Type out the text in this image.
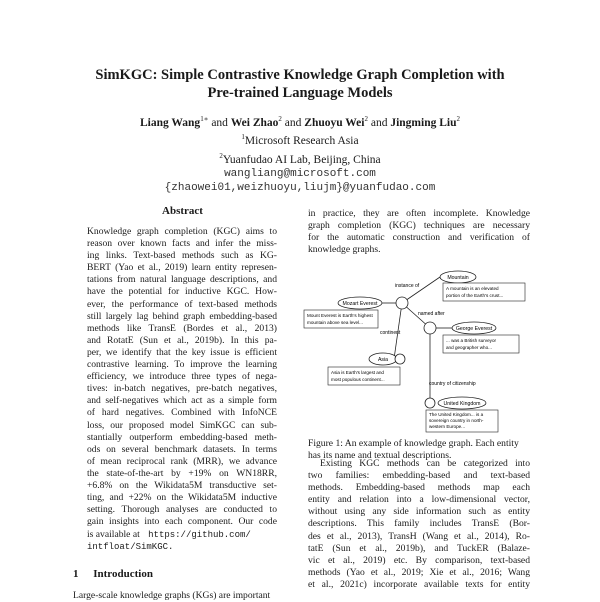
SimKGC: Simple Contrastive Knowledge Graph Completion with
Pre-trained Language Models
Liang Wang$^{1∗}$ and Wei Zhao$^2$ and Zhuoyu Wei$^2$ and Jingming Liu$^2$
$^1$Microsoft Research Asia
$^2$Yuanfudao AI Lab, Beijing, China
wangliang@microsoft.com
{zhaowei01,weizhuoyu,liujm}@yuanfudao.com
Abstract
Knowledge graph completion (KGC) aims to
reason over known facts and infer the miss-
ing links. Text-based methods such as KG-
BERT (Yao et al., 2019) learn entity represen-
tations from natural language descriptions, and
have the potential for inductive KGC. How-
ever, the performance of text-based methods
still largely lag behind graph embedding-based
methods like TransE (Bordes et al., 2013)
and RotatE (Sun et al., 2019b). In this pa-
per, we identify that the key issue is efficient
contrastive learning. To improve the learning
efficiency, we introduce three types of nega-
tives: in-batch negatives, pre-batch negatives,
and self-negatives which act as a simple form
of hard negatives. Combined with InfoNCE
loss, our proposed model SimKGC can sub-
stantially outperform embedding-based meth-
ods on several benchmark datasets. In terms
of mean reciprocal rank (MRR), we advance
the state-of-the-art by +19% on WN18RR,
+6.8% on the Wikidata5M transductive set-
ting, and +22% on the Wikidata5M inductive
setting. Thorough analyses are conducted to
gain insights into each component. Our code
is available at https://github.com/
intfloat/SimKGC.
1 Introduction
Large-scale knowledge graphs (KGs) are important
in practice, they are often incomplete. Knowledge
graph completion (KGC) techniques are necessary
for the automatic construction and verification of
knowledge graphs.
instance of
named after
continent
country of citizenship
Mountain
A mountain is an elevated
portion of the Earth's crust...
Mozart Everest
Mount Everest is Earth's highest
mountain above sea level...
George Everest
... was a British surveyor
and geographer who...
Asia
Asia is Earth's largest and
most populous continent...
United Kingdom
The United Kingdom... is a
sovereign country in north-
western Europe...
Figure 1: An example of knowledge graph. Each entity
has its name and textual descriptions.
Existing KGC methods can be categorized into
two families: embedding-based and text-based
methods. Embedding-based methods map each
entity and relation into a low-dimensional vector,
without using any side information such as entity
descriptions. This family includes TransE (Bor-
des et al., 2013), TransH (Wang et al., 2014), Ro-
tatE (Sun et al., 2019b), and TuckER (Balaze-
vic et al., 2019) etc. By comparison, text-based
methods (Yao et al., 2019; Xie et al., 2016; Wang
et al., 2021c) incorporate available texts for entity
